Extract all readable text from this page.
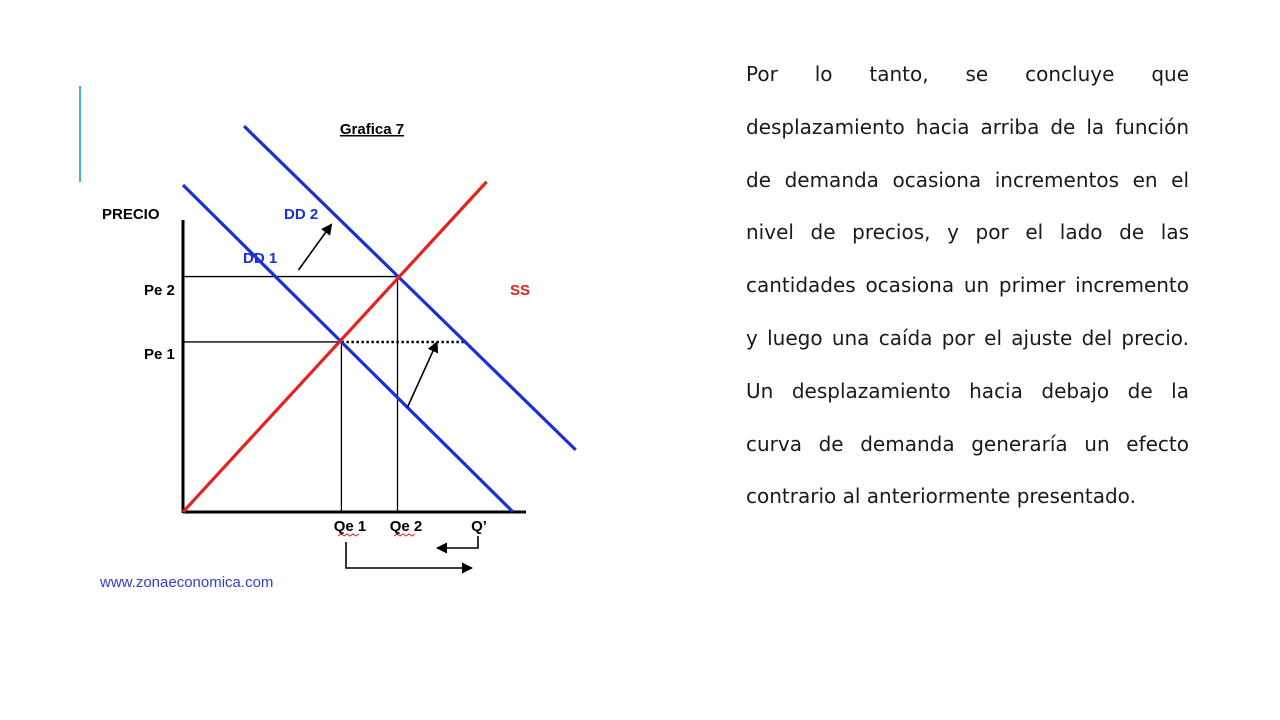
Grafica 7
PRECIO
Pe 2
Pe 1
Qe 1 Qe 2	Q’
DD 2
DD 1
SS
www.zonaeconomica.com

Por lo tanto, se concluye que desplazamiento hacia arriba de la función de demanda ocasiona incrementos en el nivel de precios, y por el lado de las cantidades ocasiona un primer incremento y luego una caída por el ajuste del precio. Un desplazamiento hacia debajo de la curva de demanda generaría un efecto contrario al anteriormente presentado.
